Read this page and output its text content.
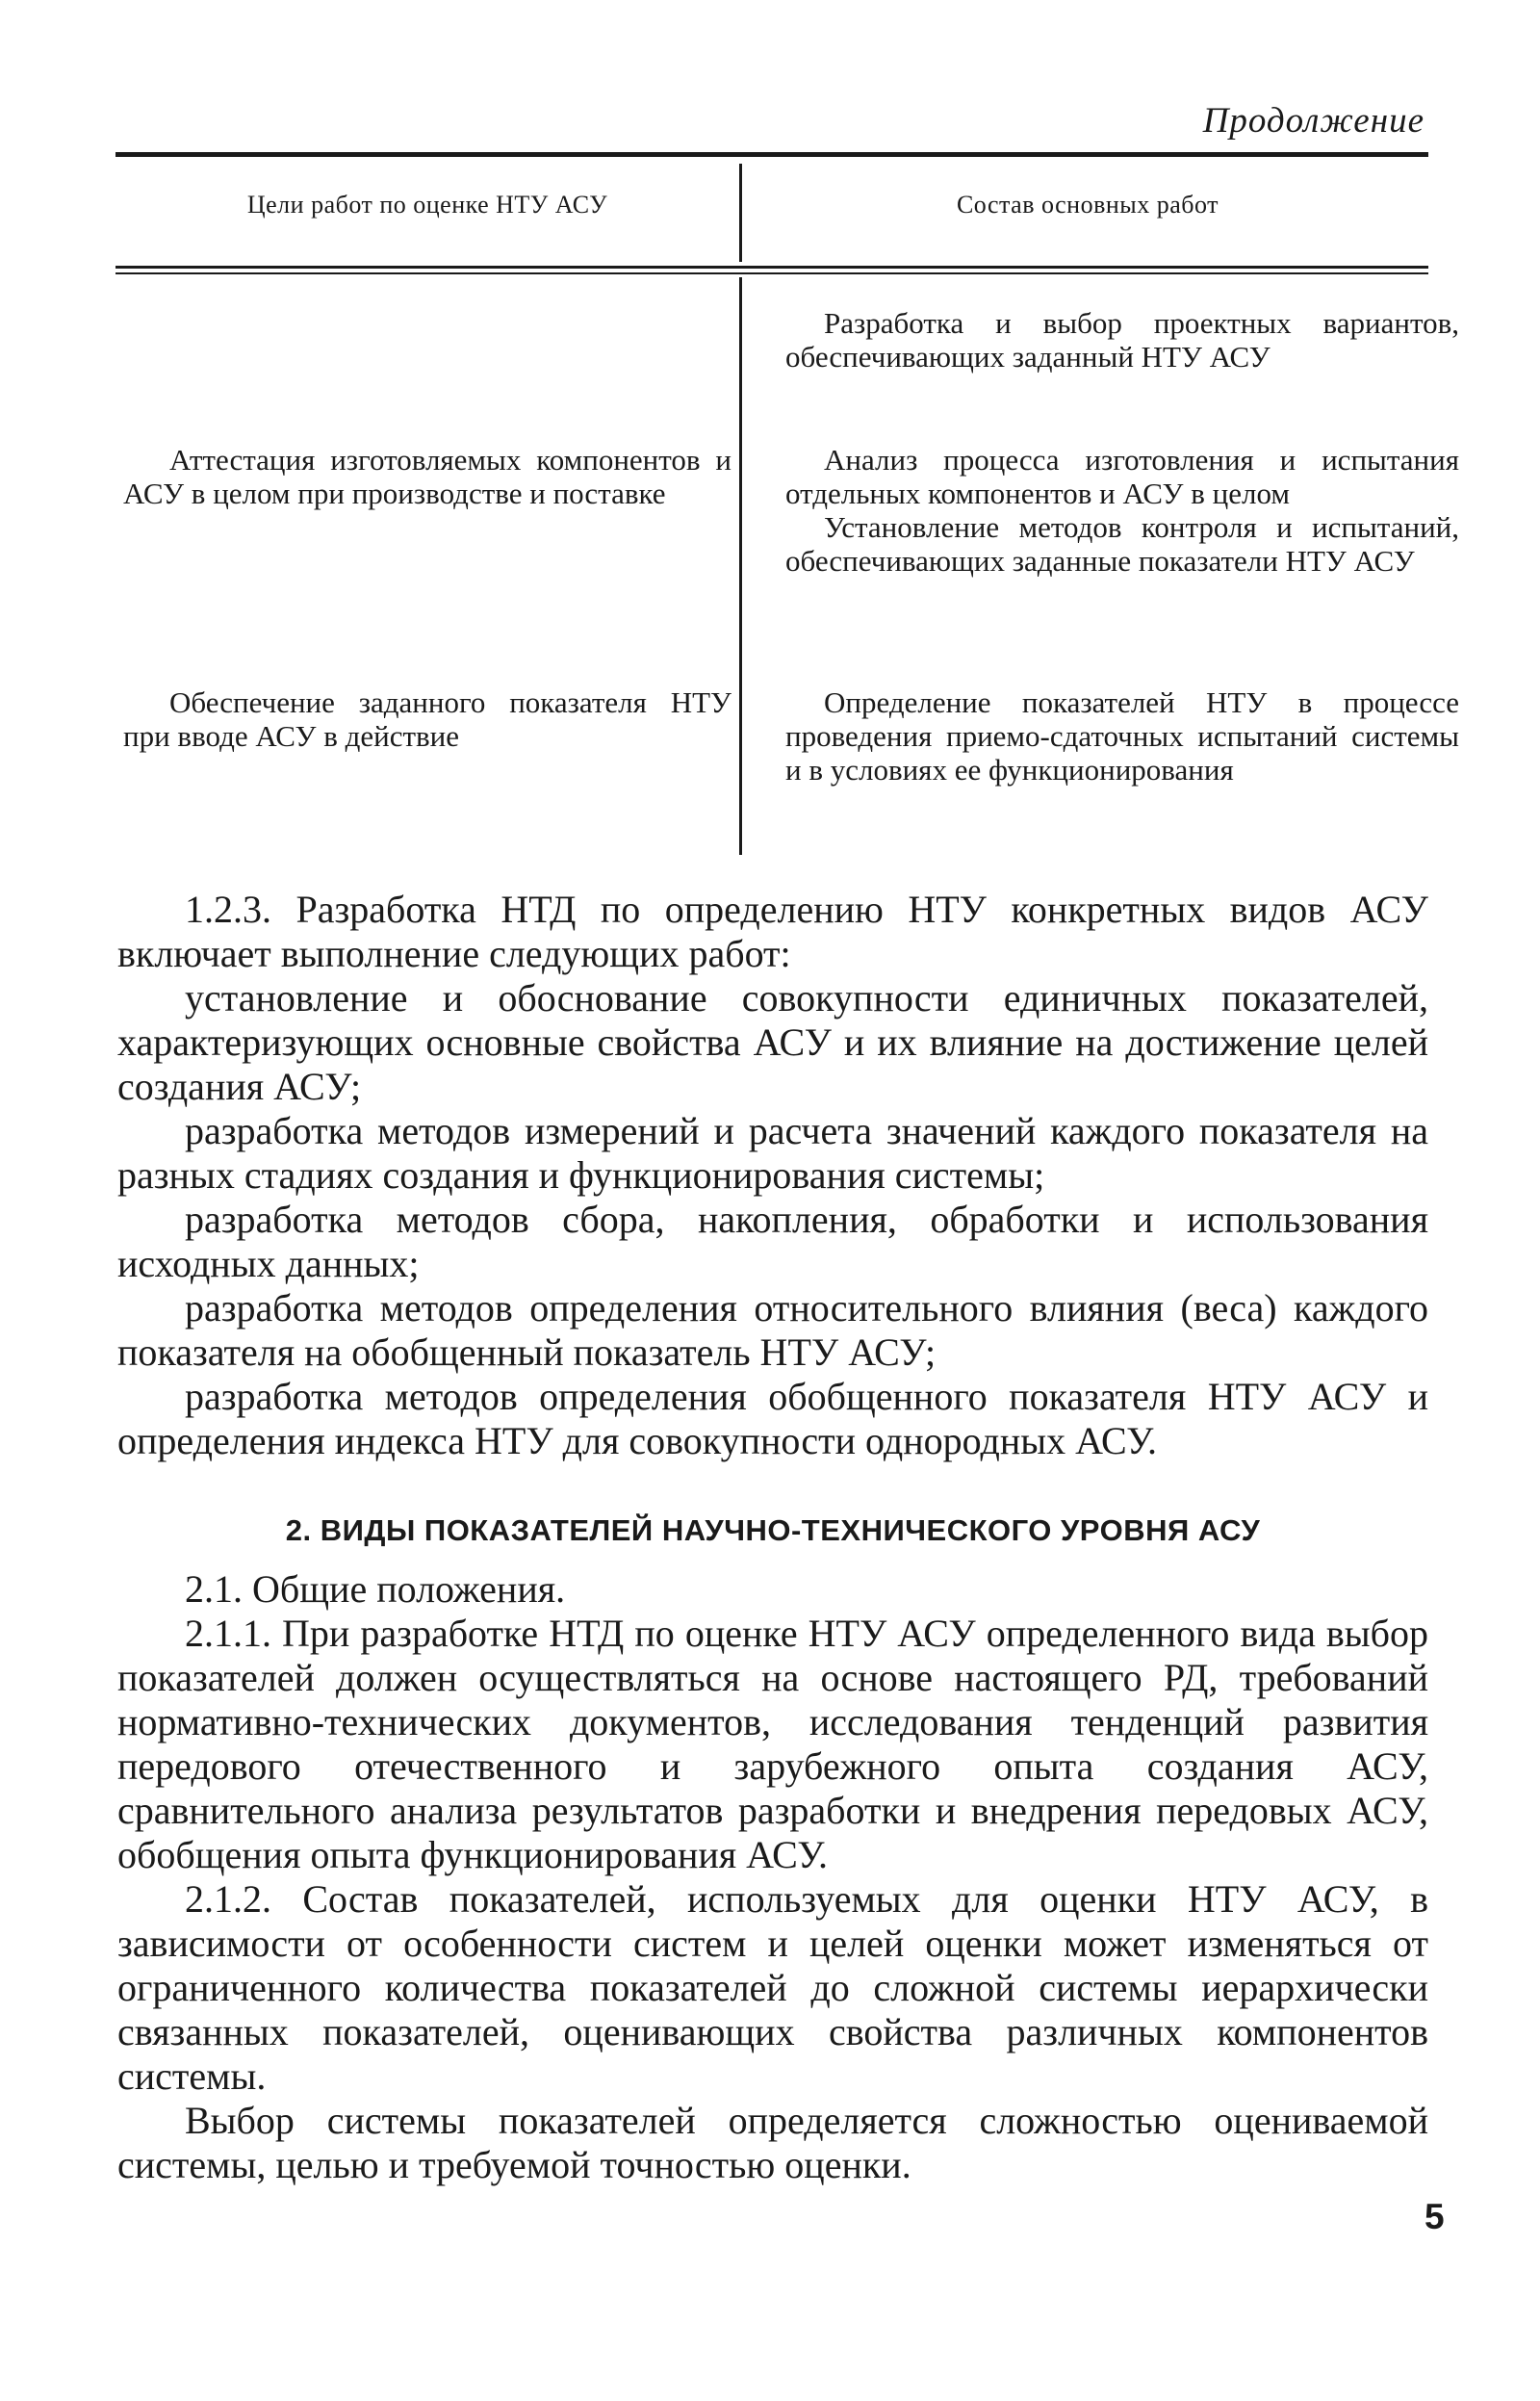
Продолжение
Цели работ по оценке НТУ АСУ	Состав основных работ

Разработка и выбор проектных вариантов, обеспечивающих заданный НТУ АСУ

Аттестация изготовляемых компонентов и АСУ в целом при производстве и поставке

Анализ процесса изготовления и испытания отдельных компонентов и АСУ в целом

Установление методов контроля и испытаний, обеспечивающих заданные показатели НТУ АСУ

Обеспечение заданного показателя НТУ при вводе АСУ в действие

Определение показателей НТУ в процессе проведения приемо-сдаточных испытаний системы и в условиях ее функционирования

1.2.3. Разработка НТД по определению НТУ конкретных видов АСУ включает выполнение следующих работ:

установление и обоснование совокупности единичных показателей, характеризующих основные свойства АСУ и их влияние на достижение целей создания АСУ;

разработка методов измерений и расчета значений каждого показателя на разных стадиях создания и функционирования системы;

разработка методов сбора, накопления, обработки и использования исходных данных;

разработка методов определения относительного влияния (веса) каждого показателя на обобщенный показатель НТУ АСУ;

разработка методов определения обобщенного показателя НТУ АСУ и определения индекса НТУ для совокупности однородных АСУ.

2. ВИДЫ ПОКАЗАТЕЛЕЙ НАУЧНО-ТЕХНИЧЕСКОГО УРОВНЯ АСУ

2.1. Общие положения.

2.1.1. При разработке НТД по оценке НТУ АСУ определенного вида выбор показателей должен осуществляться на основе настоящего РД, требований нормативно-технических документов, исследования тенденций развития передового отечественного и зарубежного опыта создания АСУ, сравнительного анализа результатов разработки и внедрения передовых АСУ, обобщения опыта функционирования АСУ.

2.1.2. Состав показателей, используемых для оценки НТУ АСУ, в зависимости от особенности систем и целей оценки может изменяться от ограниченного количества показателей до сложной системы иерархически связанных показателей, оценивающих свойства различных компонентов системы.

Выбор системы показателей определяется сложностью оцениваемой системы, целью и требуемой точностью оценки.

5
